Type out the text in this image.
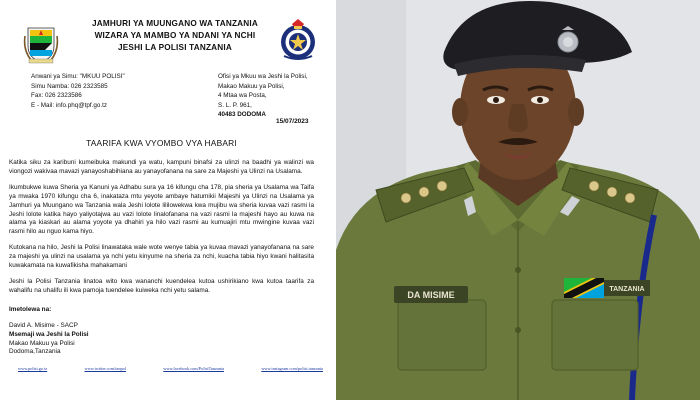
JAMHURI YA MUUNGANO WA TANZANIA
WIZARA YA MAMBO YA NDANI YA NCHI
JESHI LA POLISI TANZANIA
Anwani ya Simu: "MKUU POLISI"
Simu Namba: 026 2323585
Fax: 026 2323586
E - Mail: info.phq@tpf.go.tz
Ofisi ya Mkuu wa Jeshi la Polisi,
Makao Makuu ya Polisi,
4 Mtaa wa Posta,
S. L. P. 961,
40483 DODOMA
15/07/2023
TAARIFA KWA VYOMBO VYA HABARI

Katika siku za karibuni kumeibuka makundi ya watu, kampuni binafsi za ulinzi na baadhi ya walinzi wa viongozi wakivaa mavazi yanayoshabihiana au yanayofanana na sare za Majeshi ya Ulinzi na Usalama.

Ikumbukwe kuwa Sheria ya Kanuni ya Adhabu sura ya 16 kifungu cha 178, pia sheria ya Usalama wa Taifa ya mwaka 1970 kifungu cha 6, inakataza mtu yeyote ambaye hatumikii Majeshi ya Ulinzi na Usalama ya Jamhuri ya Muungano wa Tanzania wala Jeshi lolote lililowekwa kwa mujibu wa sheria kuvaa vazi rasmi la Jeshi lolote katika hayo yaliyotajwa au vazi lolote linalofanana na vazi rasmi la majeshi hayo au kuwa na alama ya kiaskari au alama yoyote ya dhahiri ya hilo vazi rasmi au kumuajiri mtu mwingine kuvaa vazi rasmi hilo au nguo kama hiyo.

Kutokana na hilo, Jeshi la Polisi linawataka wale wote wenye tabia ya kuvaa mavazi yanayofanana na sare za majeshi ya ulinzi na usalama ya nchi yetu kinyume na sheria za nchi, kuacha tabia hiyo kwani halitasita kuwakamata na kuwafikisha mahakamani

Jeshi la Polisi Tanzania linatoa wito kwa wananchi kuendelea kutoa ushirikiano kwa kutoa taarifa za wahalifu na uhalifu ili kwa pamoja tuendelee kuiweka nchi yetu salama.

Imetolewa na:
David A. Misime - SACP
Msemaji wa Jeshi la Polisi
Makao Makuu ya Polisi
Dodoma,Tanzania
www.polisi.go.tz	www.twitter.com/tanpol	www.facebook.com/PolisiTanzania	www.instagram.com/polisi.tanzania
DA MISIME
TANZANIA
